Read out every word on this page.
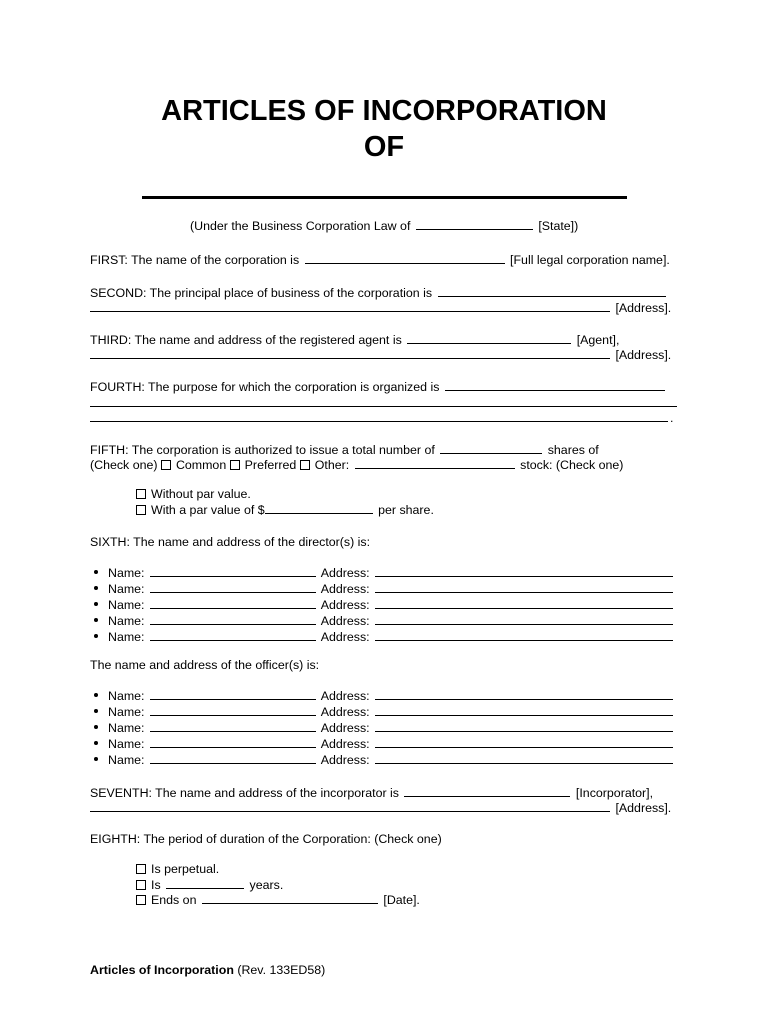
ARTICLES OF INCORPORATION
OF

(Under the Business Corporation Law of	[State])

FIRST: The name of the corporation is	[Full legal corporation name].

SECOND: The principal place of business of the corporation is

[Address].

THIRD: The name and address of the registered agent is	[Agent],

[Address].

FOURTH: The purpose for which the corporation is organized is

.

FIFTH: The corporation is authorized to issue a total number of	shares of

(Check one) Common Preferred Other:	stock: (Check one)

Without par value.

With a par value of $	per share.

SIXTH: The name and address of the director(s) is:

Name:	Address:

Name:	Address:

Name:	Address:

Name:	Address:

Name:	Address:

The name and address of the officer(s) is:

Name:	Address:

Name:	Address:

Name:	Address:

Name:	Address:

Name:	Address:

SEVENTH: The name and address of the incorporator is	[Incorporator],

[Address].

EIGHTH: The period of duration of the Corporation: (Check one)

Is perpetual.

Is	years.

Ends on	[Date].

Articles of Incorporation (Rev. 133ED58)
